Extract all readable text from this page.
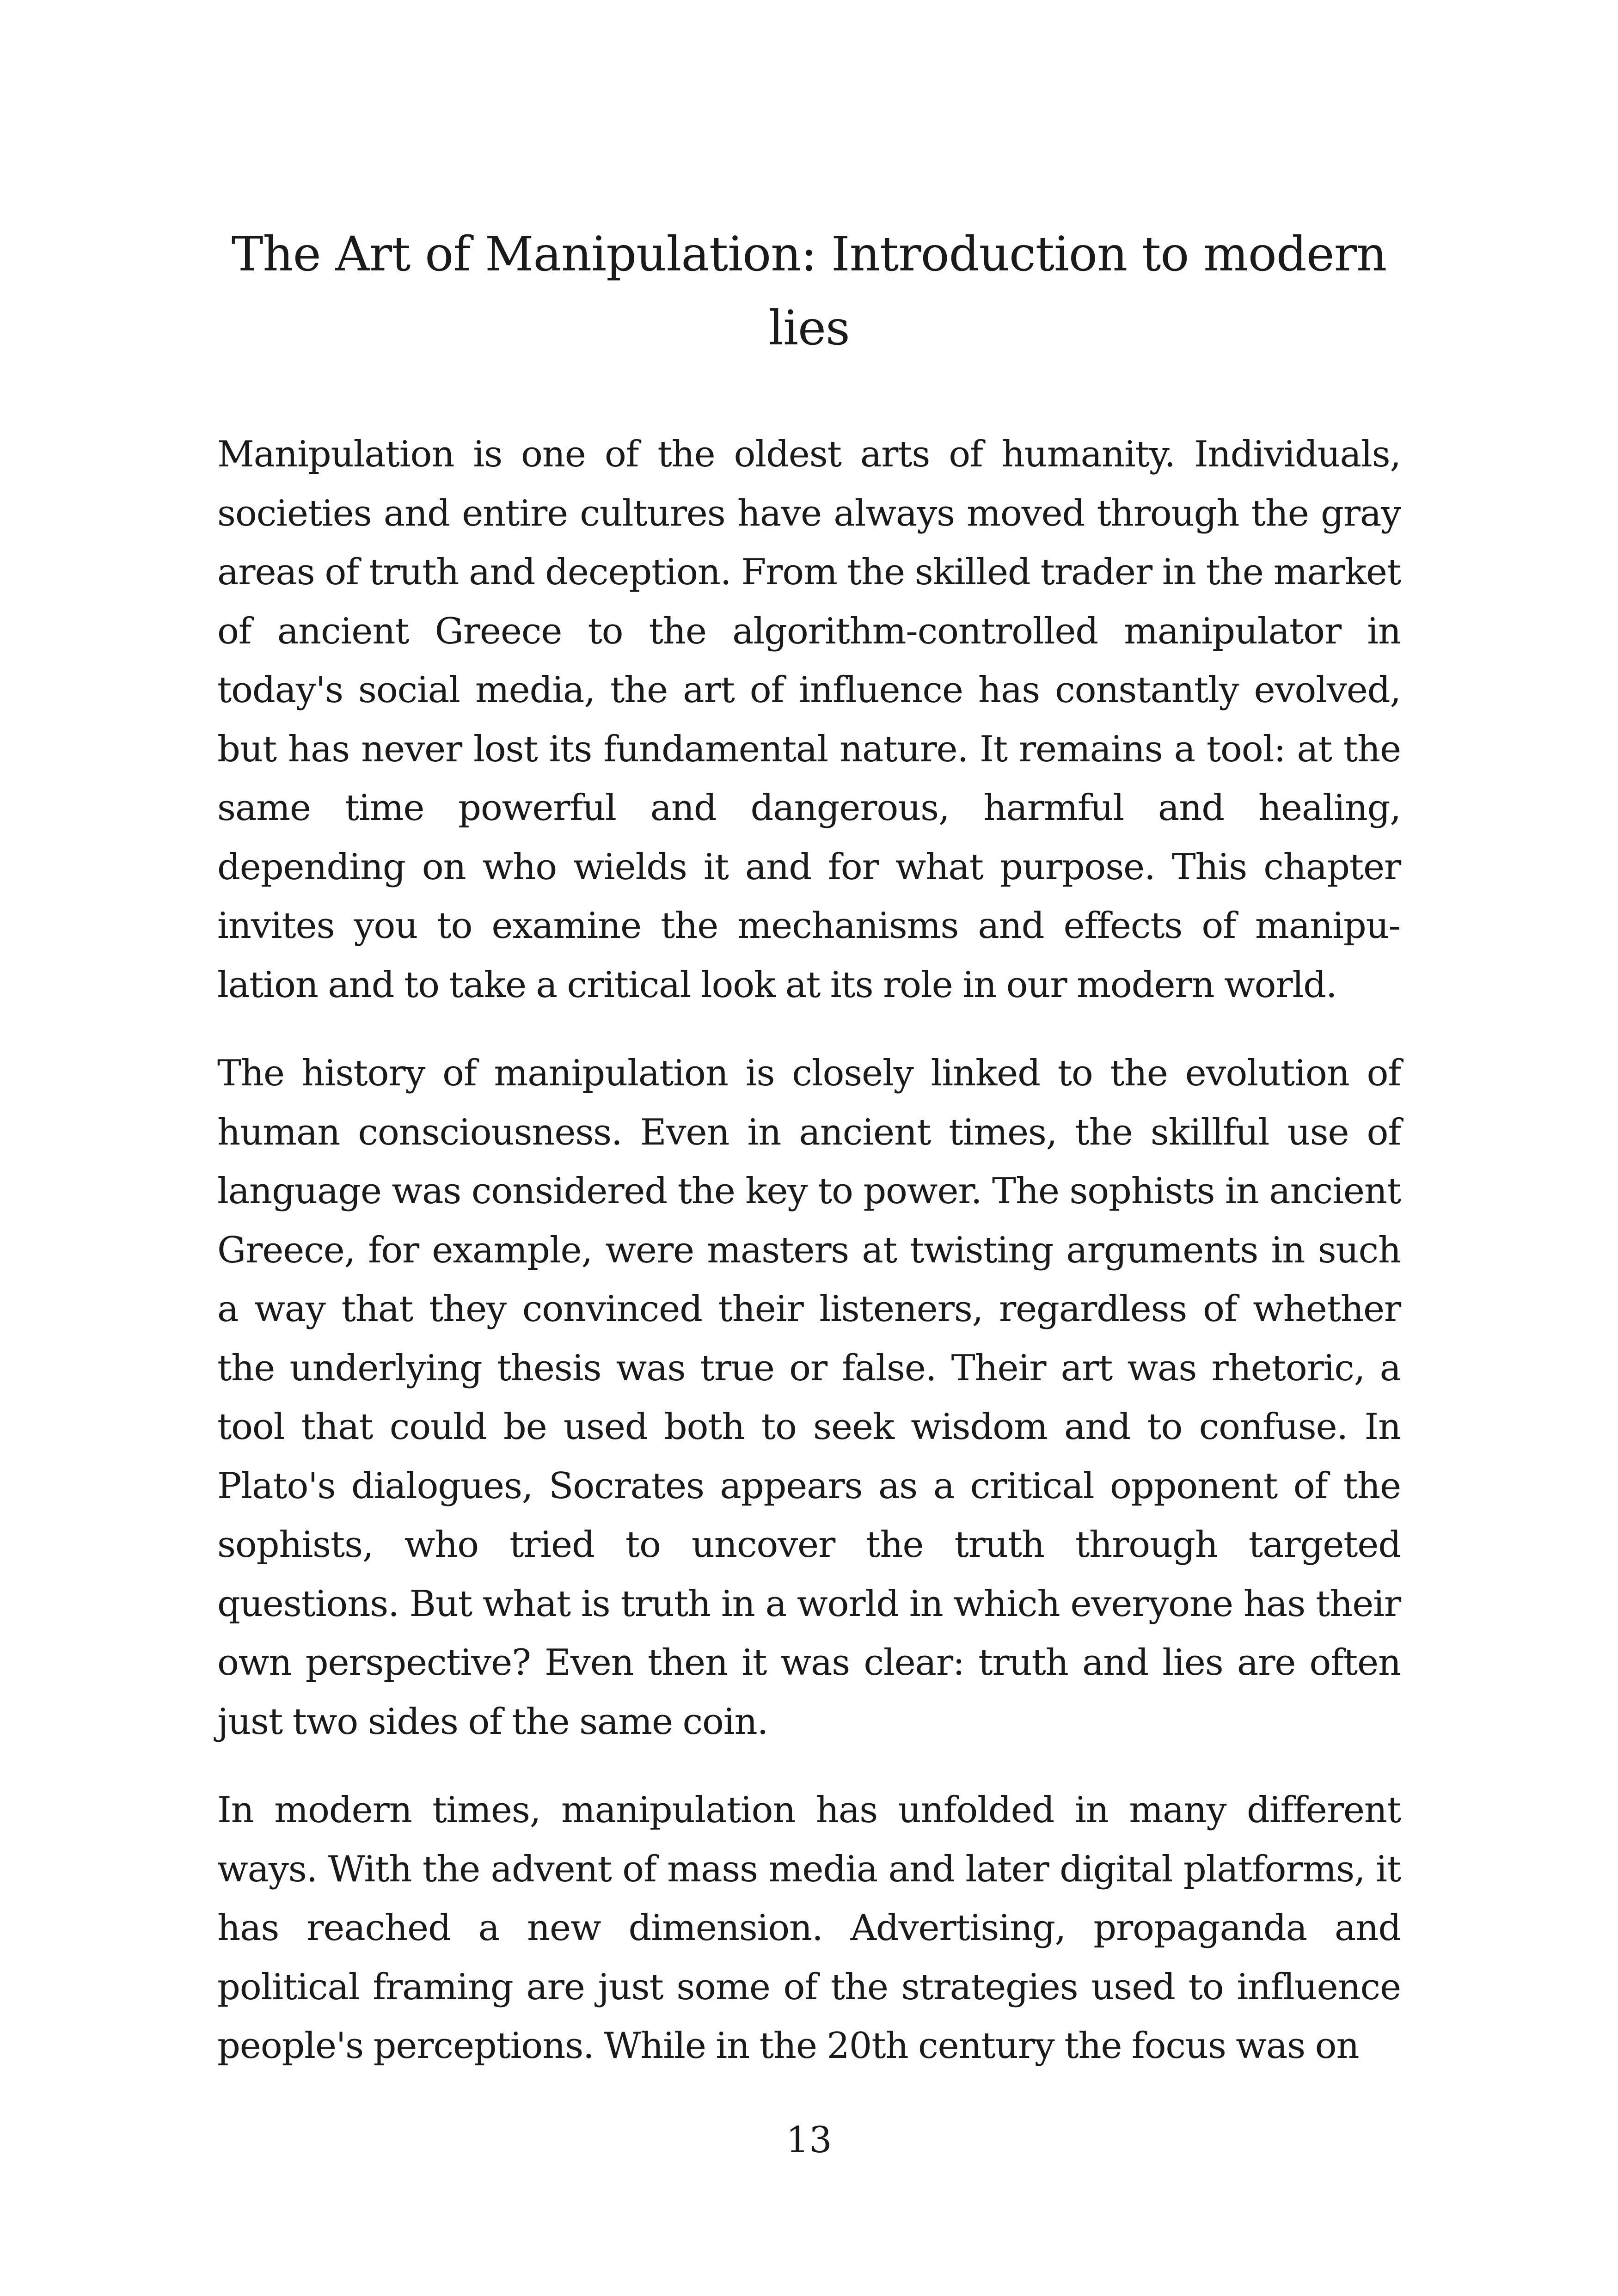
The Art of Manipulation: Introduction to modern
lies

Manipulation is one of the oldest arts of humanity. Individuals, societies and entire cultures have always moved through the gray areas of truth and deception. From the skilled trader in the market of ancient Greece to the algorithm-controlled manipulator in today's social media, the art of influence has constantly evolved, but has never lost its fundamental nature. It remains a tool: at the same time powerful and dangerous, harmful and healing, depending on who wields it and for what purpose. This chapter invites you to examine the mechanisms and effects of manipulation and to take a critical look at its role in our modern world.

The history of manipulation is closely linked to the evolution of human consciousness. Even in ancient times, the skillful use of language was considered the key to power. The sophists in ancient Greece, for example, were masters at twisting arguments in such a way that they convinced their listeners, regardless of whether the underlying thesis was true or false. Their art was rhetoric, a tool that could be used both to seek wisdom and to confuse. In Plato's dialogues, Socrates appears as a critical opponent of the sophists, who tried to uncover the truth through targeted questions. But what is truth in a world in which everyone has their own perspective? Even then it was clear: truth and lies are often just two sides of the same coin.

In modern times, manipulation has unfolded in many different ways. With the advent of mass media and later digital platforms, it has reached a new dimension. Advertising, propaganda and political framing are just some of the strategies used to influence people's perceptions. While in the 20th century the focus was on

13
